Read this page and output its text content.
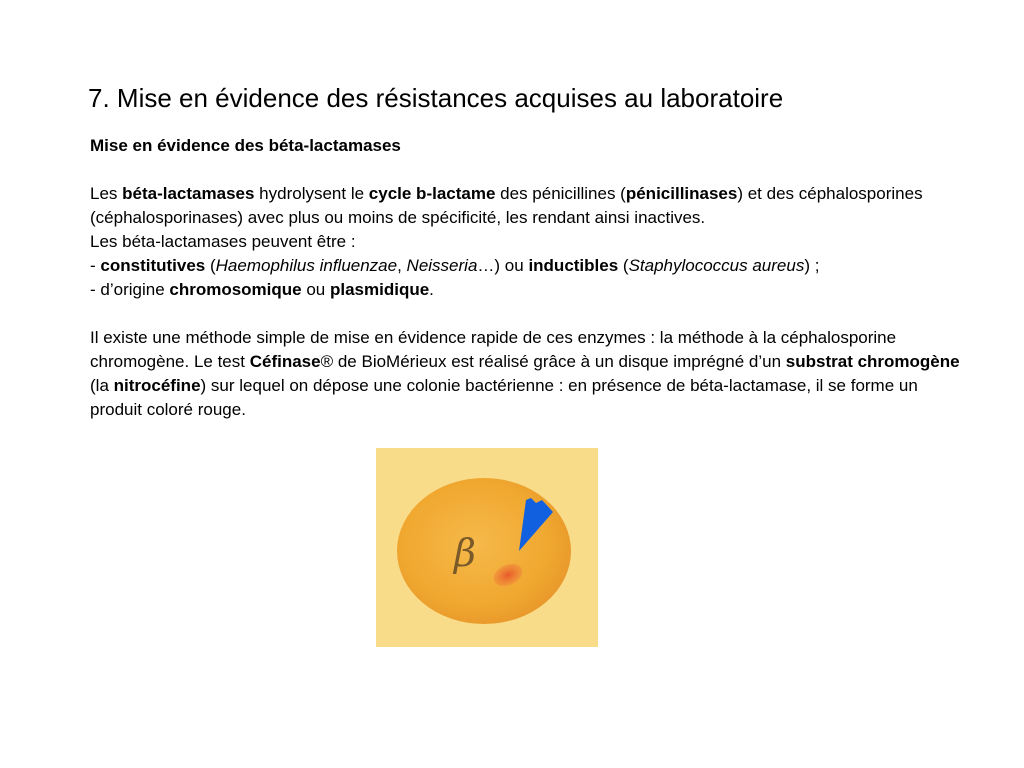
7. Mise en évidence des résistances acquises au laboratoire

Mise en évidence des béta-lactamases

Les béta-lactamases hydrolysent le cycle b-lactame des pénicillines (pénicillinases) et des céphalosporines (céphalosporinases) avec plus ou moins de spécificité, les rendant ainsi inactives.

Les béta-lactamases peuvent être :

- constitutives (Haemophilus influenzae, Neisseria…) ou inductibles (Staphylococcus aureus) ;

- d’origine chromosomique ou plasmidique.

Il existe une méthode simple de mise en évidence rapide de ces enzymes : la méthode à la céphalosporine chromogène. Le test Céfinase® de BioMérieux est réalisé grâce à un disque imprégné d’un substrat chromogène (la nitrocéfine) sur lequel on dépose une colonie bactérienne : en présence de béta-lactamase, il se forme un produit coloré rouge.

β
